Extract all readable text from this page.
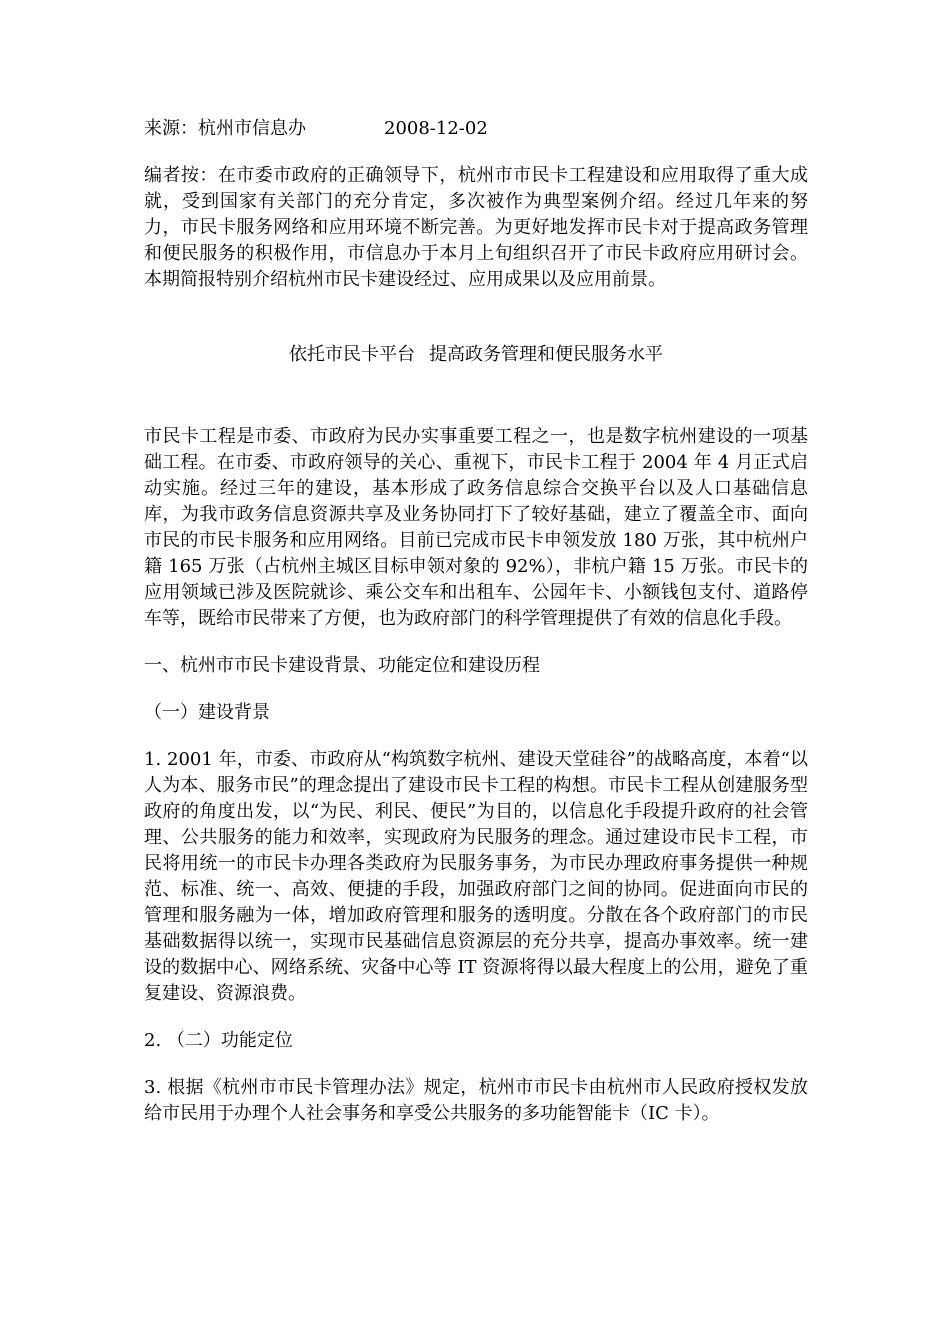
来源：杭州市信息办	2008-12-02

编者按：在市委市政府的正确领导下，杭州市市民卡工程建设和应用取得了重大成就，受到国家有关部门的充分肯定，多次被作为典型案例介绍。经过几年来的努力，市民卡服务网络和应用环境不断完善。为更好地发挥市民卡对于提高政务管理和便民服务的积极作用，市信息办于本月上旬组织召开了市民卡政府应用研讨会。本期简报特别介绍杭州市民卡建设经过、应用成果以及应用前景。

依托市民卡平台 提高政务管理和便民服务水平

市民卡工程是市委、市政府为民办实事重要工程之一，也是数字杭州建设的一项基础工程。在市委、市政府领导的关心、重视下，市民卡工程于 2004 年 4 月正式启动实施。经过三年的建设，基本形成了政务信息综合交换平台以及人口基础信息库，为我市政务信息资源共享及业务协同打下了较好基础，建立了覆盖全市、面向市民的市民卡服务和应用网络。目前已完成市民卡申领发放 180 万张，其中杭州户籍 165 万张（占杭州主城区目标申领对象的 92%），非杭户籍 15 万张。市民卡的应用领域已涉及医院就诊、乘公交车和出租车、公园年卡、小额钱包支付、道路停车等，既给市民带来了方便，也为政府部门的科学管理提供了有效的信息化手段。

一、杭州市市民卡建设背景、功能定位和建设历程

（一）建设背景

1. 2001 年，市委、市政府从“构筑数字杭州、建设天堂硅谷”的战略高度，本着“以人为本、服务市民”的理念提出了建设市民卡工程的构想。市民卡工程从创建服务型政府的角度出发，以“为民、利民、便民”为目的，以信息化手段提升政府的社会管理、公共服务的能力和效率，实现政府为民服务的理念。通过建设市民卡工程，市民将用统一的市民卡办理各类政府为民服务事务，为市民办理政府事务提供一种规范、标准、统一、高效、便捷的手段，加强政府部门之间的协同。促进面向市民的管理和服务融为一体，增加政府管理和服务的透明度。分散在各个政府部门的市民基础数据得以统一，实现市民基础信息资源层的充分共享，提高办事效率。统一建设的数据中心、网络系统、灾备中心等 IT 资源将得以最大程度上的公用，避免了重复建设、资源浪费。

2. （二）功能定位

3. 根据《杭州市市民卡管理办法》规定，杭州市市民卡由杭州市人民政府授权发放给市民用于办理个人社会事务和享受公共服务的多功能智能卡（IC 卡）。
